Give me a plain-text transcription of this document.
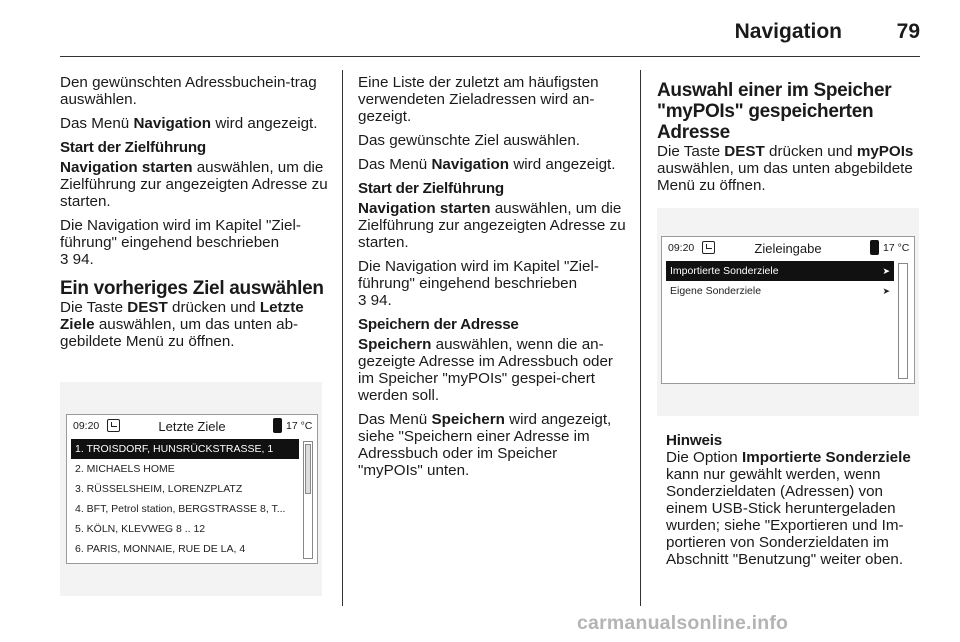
Navigation	79

Den gewünschten Adressbuchein-trag auswählen.

Das Menü Navigation wird angezeigt.

Start der Zielführung

Navigation starten auswählen, um die Zielführung zur angezeigten Adresse zu starten.

Die Navigation wird im Kapitel "Ziel-führung" eingehend beschrieben
3 94.

Ein vorheriges Ziel auswählen

Die Taste DEST drücken und Letzte Ziele auswählen, um das unten ab-gebildete Menü zu öffnen.

09:20	Letzte Ziele	17 °C
1. TROISDORF, HUNSRÜCKSTRASSE, 1
2. MICHAELS HOME
3. RÜSSELSHEIM, LORENZPLATZ
4. BFT, Petrol station, BERGSTRASSE 8, T...
5. KÖLN, KLEVWEG 8 .. 12
6. PARIS, MONNAIE, RUE DE LA, 4

Eine Liste der zuletzt am häufigsten verwendeten Zieladressen wird an-gezeigt.

Das gewünschte Ziel auswählen.

Das Menü Navigation wird angezeigt.

Start der Zielführung

Navigation starten auswählen, um die Zielführung zur angezeigten Adresse zu starten.

Die Navigation wird im Kapitel "Ziel-führung" eingehend beschrieben
3 94.

Speichern der Adresse

Speichern auswählen, wenn die an-gezeigte Adresse im Adressbuch oder im Speicher "myPOIs" gespei-chert werden soll.

Das Menü Speichern wird angezeigt, siehe "Speichern einer Adresse im Adressbuch oder im Speicher "myPOIs" unten.

Auswahl einer im Speicher "myPOIs" gespeicherten Adresse

Die Taste DEST drücken und myPOIs auswählen, um das unten abgebildete Menü zu öffnen.

09:20	Zieleingabe	17 °C
Importierte Sonderziele	➤
Eigene Sonderziele	➤
Hinweis

Die Option Importierte Sonderziele kann nur gewählt werden, wenn Sonderzieldaten (Adressen) von einem USB-Stick heruntergeladen wurden; siehe "Exportieren und Im-portieren von Sonderzieldaten im Abschnitt "Benutzung" weiter oben.

carmanualsonline.info
